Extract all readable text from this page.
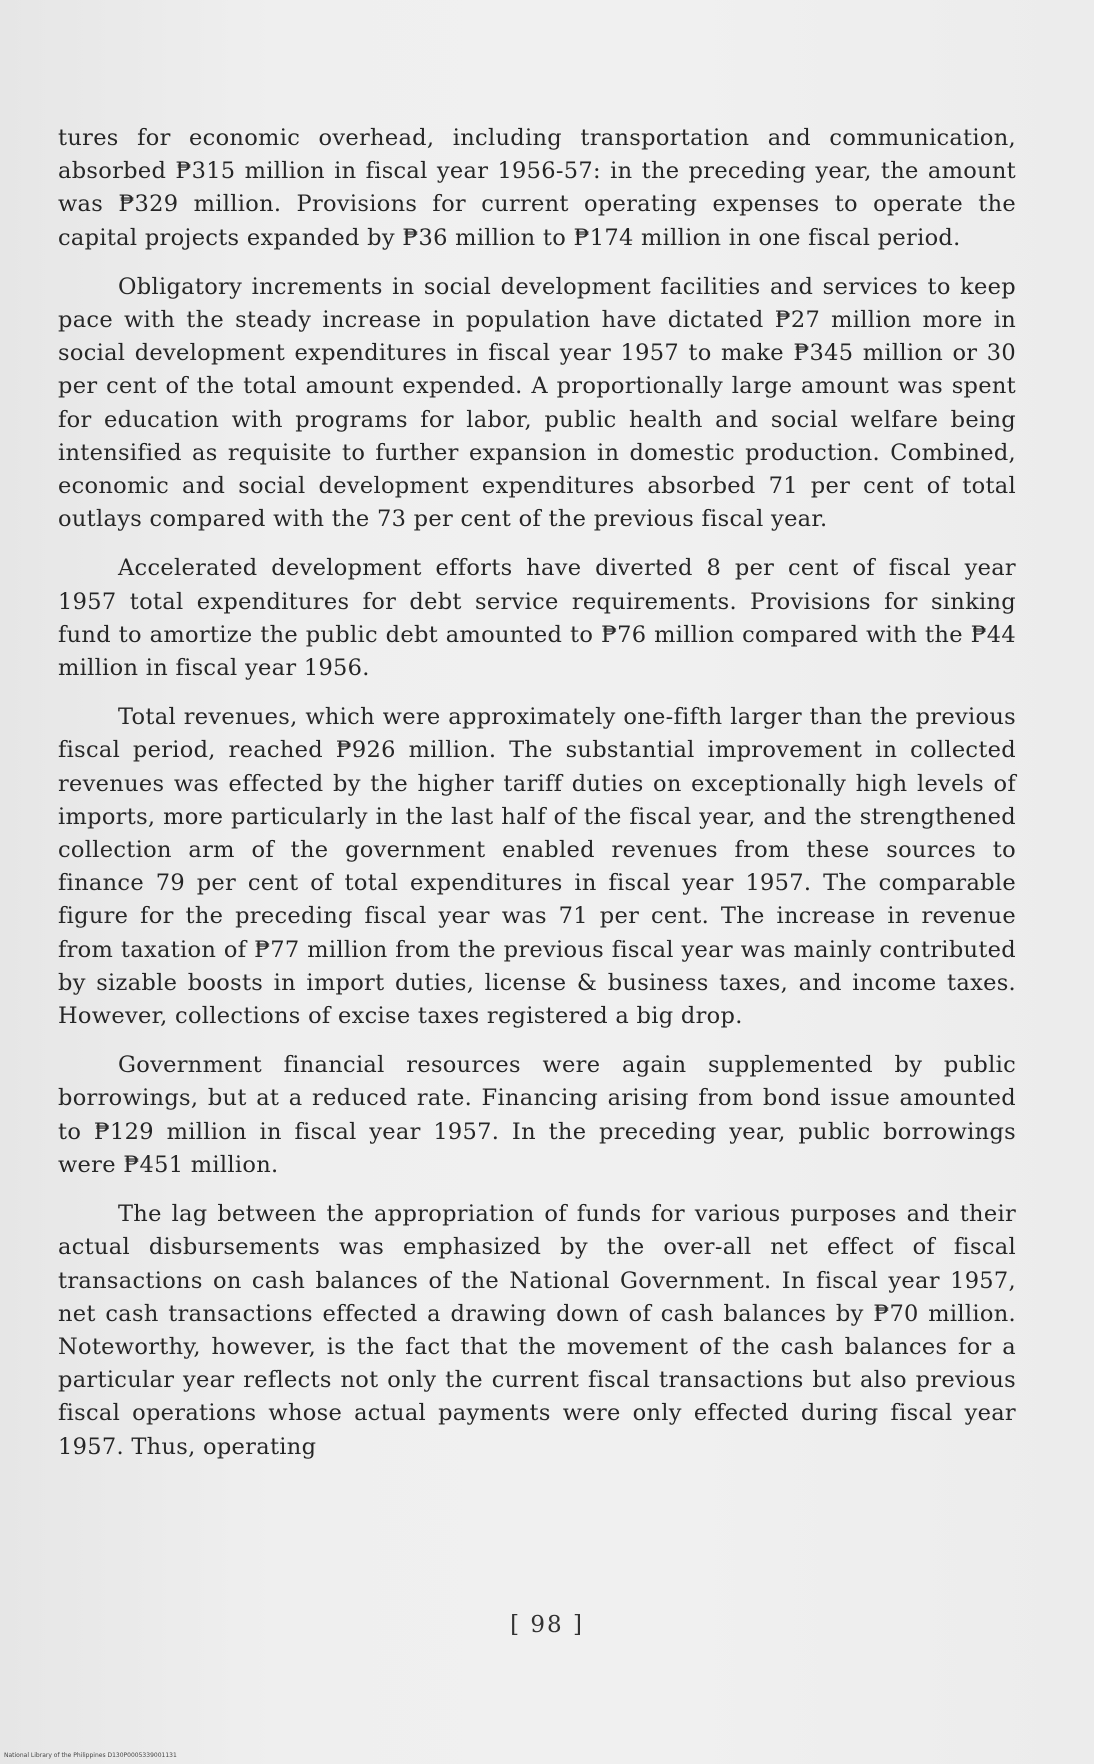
tures for economic overhead, including transportation and communication, absorbed ₱315 million in fiscal year 1956-57: in the preceding year, the amount was ₱329 million. Provisions for current operating expenses to operate the capital projects expanded by ₱36 million to ₱174 million in one fiscal period.

Obligatory increments in social development facilities and services to keep pace with the steady increase in population have dictated ₱27 million more in social development expenditures in fiscal year 1957 to make ₱345 million or 30 per cent of the total amount expended. A proportionally large amount was spent for education with programs for labor, public health and social welfare being intensified as requisite to further expansion in domestic production. Combined, economic and social development expenditures absorbed 71 per cent of total outlays compared with the 73 per cent of the previous fiscal year.

Accelerated development efforts have diverted 8 per cent of fiscal year 1957 total expenditures for debt service requirements. Provisions for sinking fund to amortize the public debt amounted to ₱76 million compared with the ₱44 million in fiscal year 1956.

Total revenues, which were approximately one-fifth larger than the previous fiscal period, reached ₱926 million. The substantial improvement in collected revenues was effected by the higher tariff duties on exceptionally high levels of imports, more particularly in the last half of the fiscal year, and the strengthened collection arm of the government enabled revenues from these sources to finance 79 per cent of total expenditures in fiscal year 1957. The comparable figure for the preceding fiscal year was 71 per cent. The increase in revenue from taxation of ₱77 million from the previous fiscal year was mainly contributed by sizable boosts in import duties, license & business taxes, and income taxes. However, collections of excise taxes registered a big drop.

Government financial resources were again supplemented by public borrowings, but at a reduced rate. Financing arising from bond issue amounted to ₱129 million in fiscal year 1957. In the preceding year, public borrowings were ₱451 million.

The lag between the appropriation of funds for various purposes and their actual disbursements was emphasized by the over-all net effect of fiscal transactions on cash balances of the National Government. In fiscal year 1957, net cash transactions effected a drawing down of cash balances by ₱70 million. Noteworthy, however, is the fact that the movement of the cash balances for a particular year reflects not only the current fiscal transactions but also previous fiscal operations whose actual payments were only effected during fiscal year 1957. Thus, operating

[ 98 ]
National Library of the Philippines D130P0005339001131
